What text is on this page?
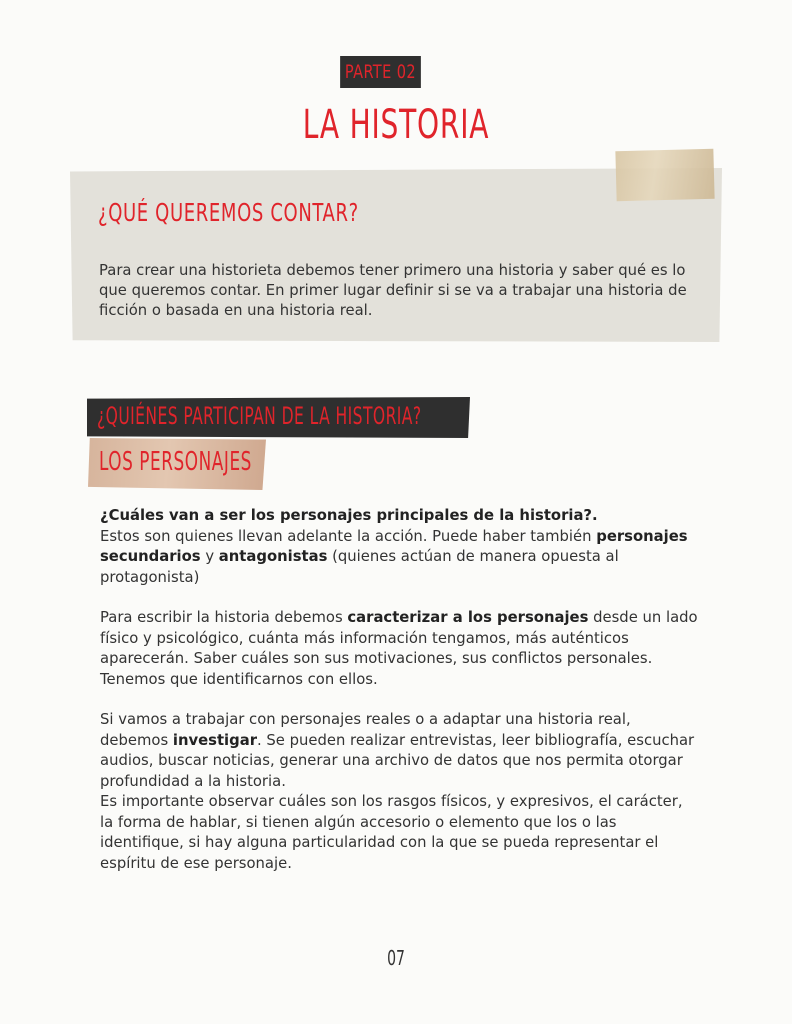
PARTE 02
LA HISTORIA
¿QUÉ QUEREMOS CONTAR?
Para crear una historieta debemos tener primero una historia y saber qué es lo que queremos contar. En primer lugar definir si se va a trabajar una historia de ficción o basada en una historia real.
¿QUIÉNES PARTICIPAN DE LA HISTORIA?
LOS PERSONAJES

¿Cuáles van a ser los personajes principales de la historia?.

Estos son quienes llevan adelante la acción. Puede haber también personajes secundarios y antagonistas (quienes actúan de manera opuesta al protagonista)

Para escribir la historia debemos caracterizar a los personajes desde un lado físico y psicológico, cuánta más información tengamos, más auténticos aparecerán. Saber cuáles son sus motivaciones, sus conflictos personales. Tenemos que identificarnos con ellos.

Si vamos a trabajar con personajes reales o a adaptar una historia real, debemos investigar. Se pueden realizar entrevistas, leer bibliografía, escuchar audios, buscar noticias, generar una archivo de datos que nos permita otorgar profundidad a la historia.

Es importante observar cuáles son los rasgos físicos, y expresivos, el carácter, la forma de hablar, si tienen algún accesorio o elemento que los o las identifique, si hay alguna particularidad con la que se pueda representar el espíritu de ese personaje.

07
